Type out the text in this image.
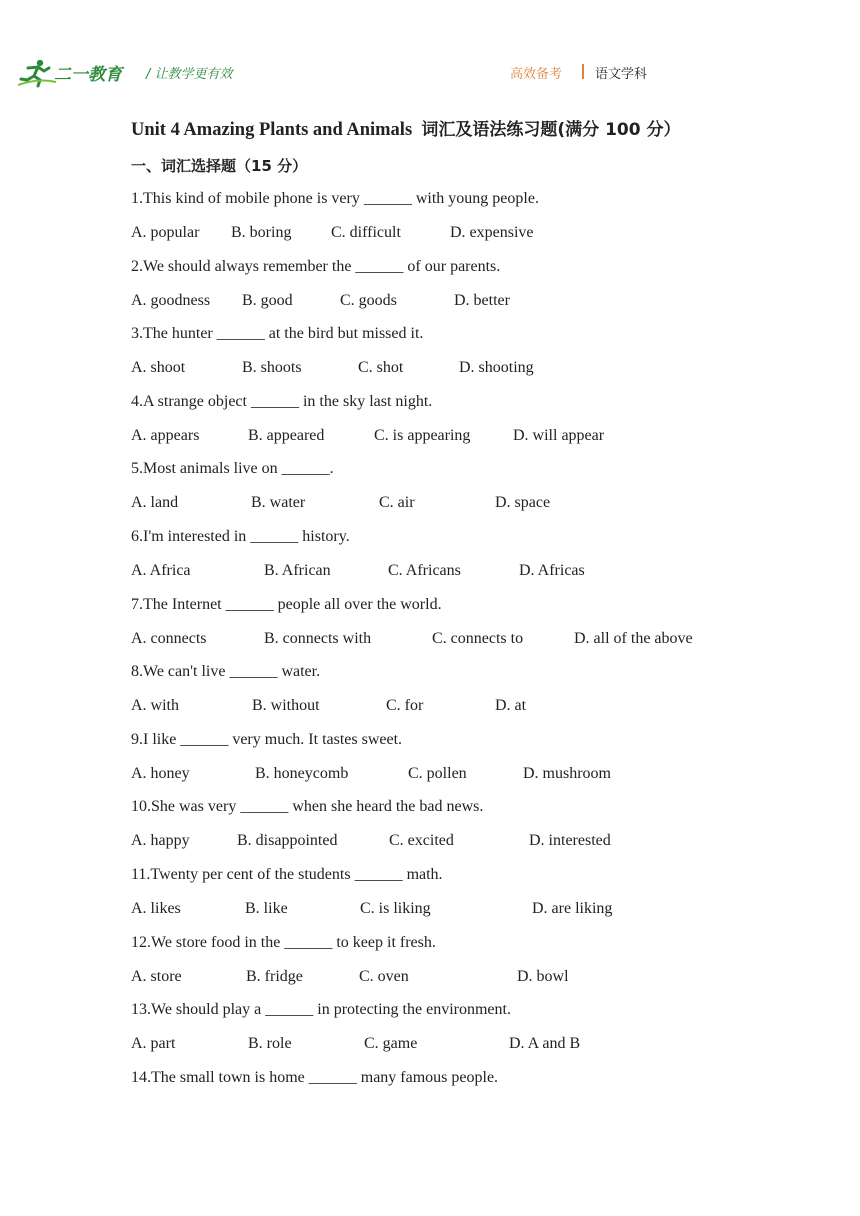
二一教育 / 让教学更有效	高效备考	语文学科
Unit 4 Amazing Plants and Animals 词汇及语法练习题(满分 100 分）
一、词汇选择题（15 分）
1.This kind of mobile phone is very ______ with young people.
A. popular B. boring C. difficult	D. expensive
2.We should always remember the ______ of our parents.
A. goodness B. good	C. goods	D. better
3.The hunter ______ at the bird but missed it.
A. shoot	B. shoots	C. shot	D. shooting
4.A strange object ______ in the sky last night.
A. appears	B. appeared	C. is appearing	D. will appear
5.Most animals live on ______.
A. land	B. water	C. air	D. space
6.I'm interested in ______ history.
A. Africa	B. African	C. Africans	D. Africas
7.The Internet ______ people all over the world.
A. connects	B. connects with	C. connects to	D. all of the above
8.We can't live ______ water.
A. with	B. without	C. for	D. at
9.I like ______ very much. It tastes sweet.
A. honey	B. honeycomb	C. pollen	D. mushroom
10.She was very ______ when she heard the bad news.
A. happy	B. disappointed	C. excited	D. interested
11.Twenty per cent of the students ______ math.
A. likes	B. like	C. is liking	D. are liking
12.We store food in the ______ to keep it fresh.
A. store	B. fridge	C. oven	D. bowl
13.We should play a ______ in protecting the environment.
A. part	B. role	C. game	D. A and B
14.The small town is home ______ many famous people.
